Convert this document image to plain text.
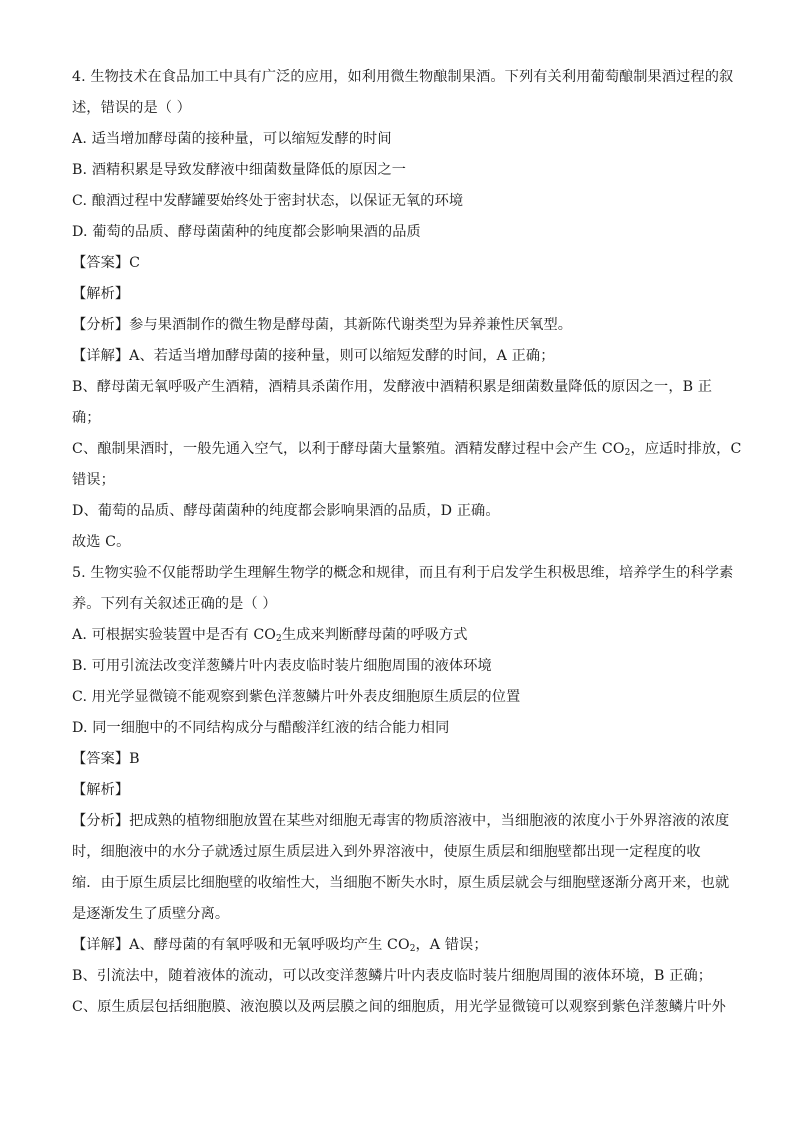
4. 生物技术在食品加工中具有广泛的应用，如利用微生物酿制果酒。下列有关利用葡萄酿制果酒过程的叙
述，错误的是（ ）
A. 适当增加酵母菌的接种量，可以缩短发酵的时间
B. 酒精积累是导致发酵液中细菌数量降低的原因之一
C. 酿酒过程中发酵罐要始终处于密封状态，以保证无氧的环境
D. 葡萄的品质、酵母菌菌种的纯度都会影响果酒的品质
【答案】C
【解析】
【分析】参与果酒制作的微生物是酵母菌，其新陈代谢类型为异养兼性厌氧型。
【详解】A、若适当增加酵母菌的接种量，则可以缩短发酵的时间，A 正确；
B、酵母菌无氧呼吸产生酒精，酒精具杀菌作用，发酵液中酒精积累是细菌数量降低的原因之一，B 正
确；
C、酿制果酒时，一般先通入空气，以利于酵母菌大量繁殖。酒精发酵过程中会产生 $CO_2$，应适时排放，C
错误；
D、葡萄的品质、酵母菌菌种的纯度都会影响果酒的品质，D 正确。
故选 C。
5. 生物实验不仅能帮助学生理解生物学的概念和规律，而且有利于启发学生积极思维，培养学生的科学素
养。下列有关叙述正确的是（ ）
A. 可根据实验装置中是否有 $CO_2$生成来判断酵母菌的呼吸方式
B. 可用引流法改变洋葱鳞片叶内表皮临时装片细胞周围的液体环境
C. 用光学显微镜不能观察到紫色洋葱鳞片叶外表皮细胞原生质层的位置
D. 同一细胞中的不同结构成分与醋酸洋红液的结合能力相同
【答案】B
【解析】
【分析】把成熟的植物细胞放置在某些对细胞无毒害的物质溶液中，当细胞液的浓度小于外界溶液的浓度
时，细胞液中的水分子就透过原生质层进入到外界溶液中，使原生质层和细胞壁都出现一定程度的收
缩．由于原生质层比细胞壁的收缩性大，当细胞不断失水时，原生质层就会与细胞壁逐渐分离开来，也就
是逐渐发生了质壁分离。
【详解】A、酵母菌的有氧呼吸和无氧呼吸均产生 $CO_2$，A 错误；
B、引流法中，随着液体的流动，可以改变洋葱鳞片叶内表皮临时装片细胞周围的液体环境，B 正确；
C、原生质层包括细胞膜、液泡膜以及两层膜之间的细胞质，用光学显微镜可以观察到紫色洋葱鳞片叶外
